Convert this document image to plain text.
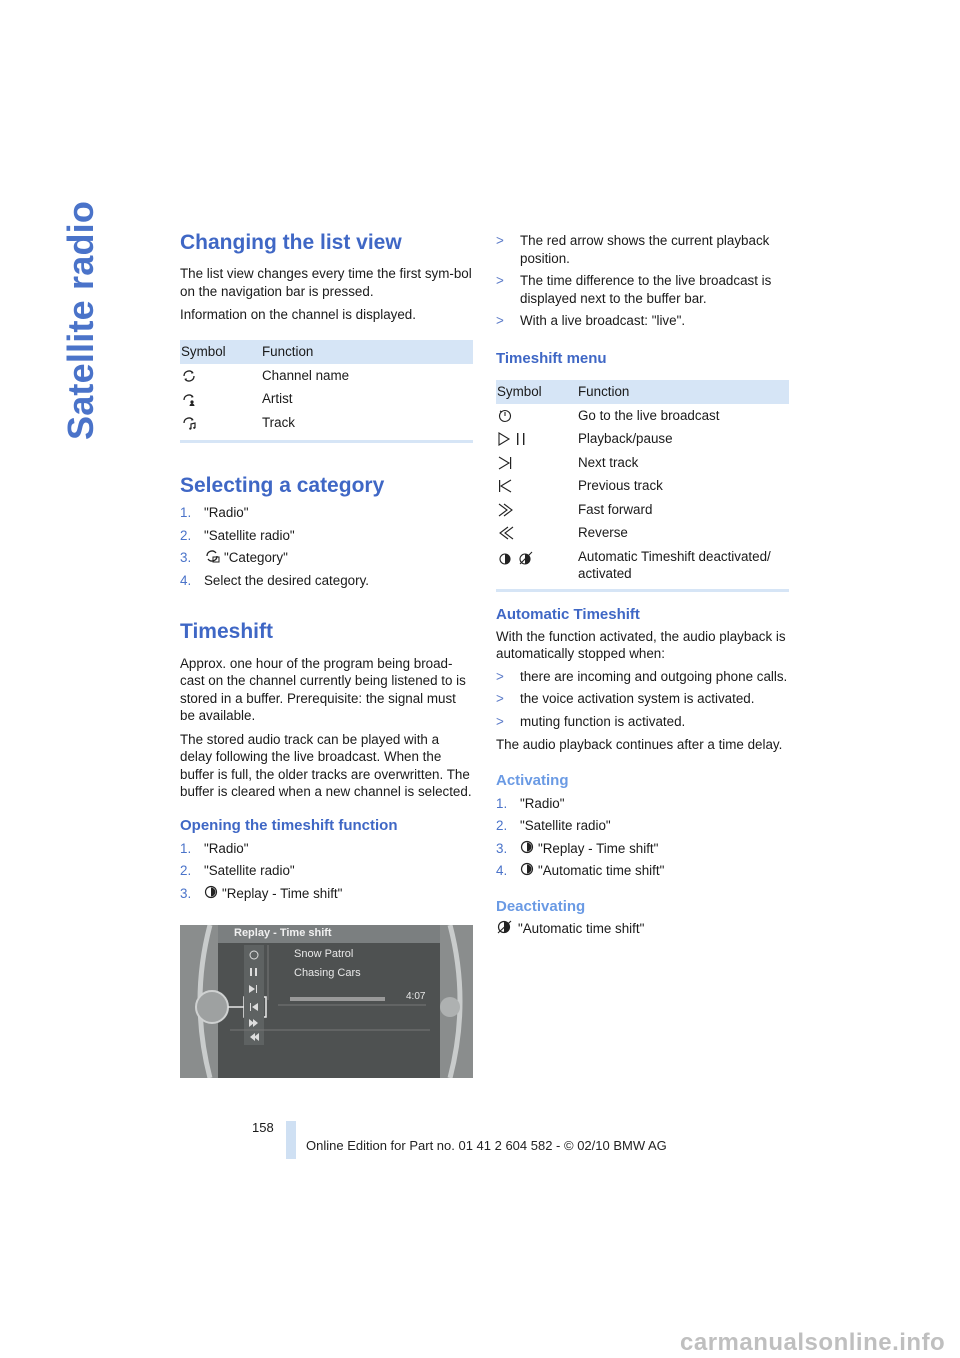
Satellite radio	Changing the list view

The list view changes every time the first sym-bol on the navigation bar is pressed.

Information on the channel is displayed.

Symbol	Function
Channel name
Artist
Track
Selecting a category
1. "Radio"
2. "Satellite radio"
3.	"Category"
4. Select the desired category.
Timeshift

Approx. one hour of the program being broad-cast on the channel currently being listened to is stored in a buffer. Prerequisite: the signal must be available.

The stored audio track can be played with a delay following the live broadcast. When the buffer is full, the older tracks are overwritten. The buffer is cleared when a new channel is selected.

Opening the timeshift function
1. "Radio"
2. "Satellite radio"
3.	"Replay - Time shift"
Replay - Time shift
Snow Patrol
Chasing Cars
4:07
>	The red arrow shows the current playback position.
>	The time difference to the live broadcast is displayed next to the buffer bar.
>	With a live broadcast: "live".
Timeshift menu
Symbol	Function
Go to the live broadcast
Playback/pause
Next track
Previous track
Fast forward
Reverse
Automatic Timeshift deactivated/ activated
Automatic Timeshift

With the function activated, the audio playback is automatically stopped when:

>	there are incoming and outgoing phone calls.
>	the voice activation system is activated.
>	muting function is activated.

The audio playback continues after a time delay.

Activating
1. "Radio"
2. "Satellite radio"
3.	"Replay - Time shift"
4.	"Automatic time shift"
Deactivating
"Automatic time shift"
158
Online Edition for Part no. 01 41 2 604 582 - © 02/10 BMW AG
carmanualsonline.info
